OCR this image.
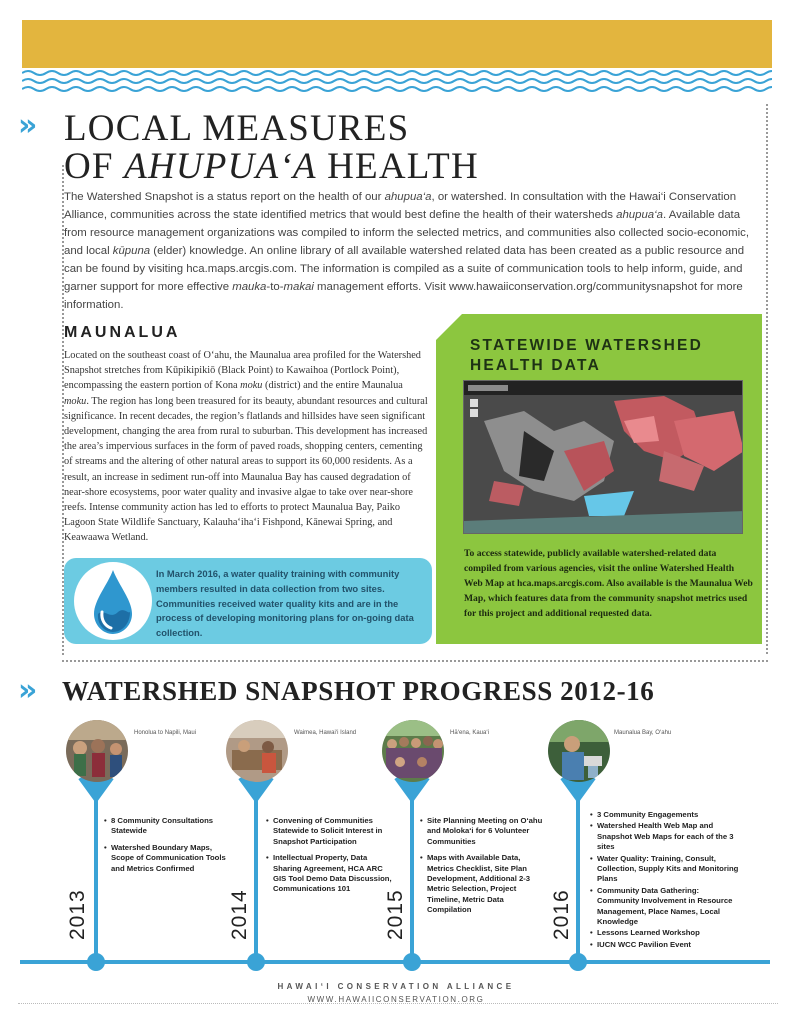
» LOCAL MEASURES
OF AHUPUA‘A HEALTH

The Watershed Snapshot is a status report on the health of our ahupua‘a, or watershed. In consultation with the Hawai‘i Conservation Alliance, communities across the state identified metrics that would best define the health of their watersheds ahupua‘a. Available data from resource management organizations was compiled to inform the selected metrics, and communities also collected socio-economic, and local kūpuna (elder) knowledge. An online library of all available watershed related data has been created as a public resource and can be found by visiting hca.maps.arcgis.com. The information is compiled as a suite of communication tools to help inform, guide, and garner support for more effective mauka-to-makai management efforts. Visit www.hawaiiconservation.org/communitysnapshot for more information.

MAUNALUA

Located on the southeast coast of O‘ahu, the Maunalua area profiled for the Watershed Snapshot stretches from Kūpikipikiō (Black Point) to Kawaihoa (Portlock Point), encompassing the eastern portion of Kona moku (district) and the entire Maunalua moku. The region has long been treasured for its beauty, abundant resources and cultural significance. In recent decades, the region’s flatlands and hillsides have seen significant development, changing the area from rural to suburban. This development has increased the area’s impervious surfaces in the form of paved roads, shopping centers, cementing of streams and the altering of other natural areas to support its 60,000 residents. As a result, an increase in sediment run-off into Maunalua Bay has caused degradation of near-shore ecosystems, poor water quality and invasive algae to take over near-shore reefs. Intense community action has led to efforts to protect Maunalua Bay, Paiko Lagoon State Wildlife Sanctuary, Kalauha‘iha‘i Fishpond, Kānewai Spring, and Keawaawa Wetland.

In March 2016, a water quality training with community members resulted in data collection from two sites. Communities received water quality kits and are in the process of developing monitoring plans for on-going data collection.

STATEWIDE WATERSHED HEALTH DATA

To access statewide, publicly available watershed-related data compiled from various agencies, visit the online Watershed Health Web Map at hca.maps.arcgis.com. Also available is the Maunalua Web Map, which features data from the community snapshot metrics used for this project and additional requested data.

» WATERSHED SNAPSHOT PROGRESS 2012-16
Honolua to Napili, Maui
2013
• 8 Community Consultations Statewide
• Watershed Boundary Maps, Scope of Communication Tools and Metrics Confirmed
Waimea, Hawai‘i Island
2014
• Convening of Communities Statewide to Solicit Interest in Snapshot Participation
• Intellectual Property, Data Sharing Agreement, HCA ARC GIS Tool Demo Data Discussion, Communications 101
Hā‘ena, Kaua‘i
2015
• Site Planning Meeting on O‘ahu and Moloka‘i for 6 Volunteer Communities
• Maps with Available Data, Metrics Checklist, Site Plan Development, Additional 2-3 Metric Selection, Project Timeline, Metric Data Compilation
Maunalua Bay, O‘ahu
2016
• 3 Community Engagements
• Watershed Health Web Map and Snapshot Web Maps for each of the 3 sites
• Water Quality: Training, Consult, Collection, Supply Kits and Monitoring Plans
• Community Data Gathering: Community Involvement in Resource Management, Place Names, Local Knowledge
• Lessons Learned Workshop
• IUCN WCC Pavilion Event
HAWAI‘I CONSERVATION ALLIANCE
WWW.HAWAIICONSERVATION.ORG
